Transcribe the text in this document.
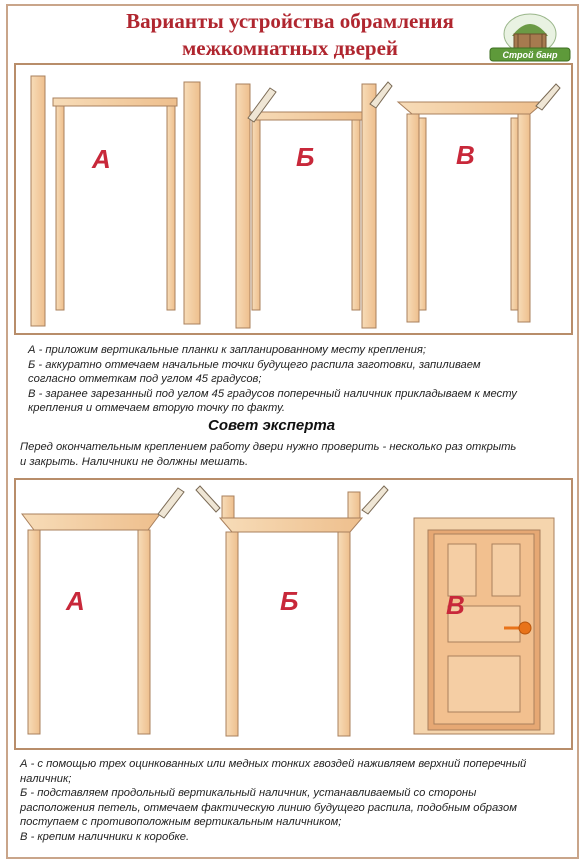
Варианты устройства обрамления
межкомнатных дверей	Строй банр
А	Б	В
А - приложим вертикальные планки к запланированному месту крепления;
Б - аккуратно отмечаем начальные точки будущего распила заготовки, запиливаем
согласно отметкам под углом 45 градусов;
В - заранее зарезанный под углом 45 градусов поперечный наличник прикладываем к месту
крепления и отмечаем вторую точку по факту.
Совет эксперта
Перед окончательным креплением работу двери нужно проверить - несколько раз открыть
и закрыть. Наличники не должны мешать.
А	Б	В
А - с помощью трех оцинкованных или медных тонких гвоздей наживляем верхний поперечный
наличник;
Б - подставляем продольный вертикальный наличник, устанавливаемый со стороны
расположения петель, отмечаем фактическую линию будущего распила, подобным образом
поступаем с противоположным вертикальным наличником;
В - крепим наличники к коробке.
